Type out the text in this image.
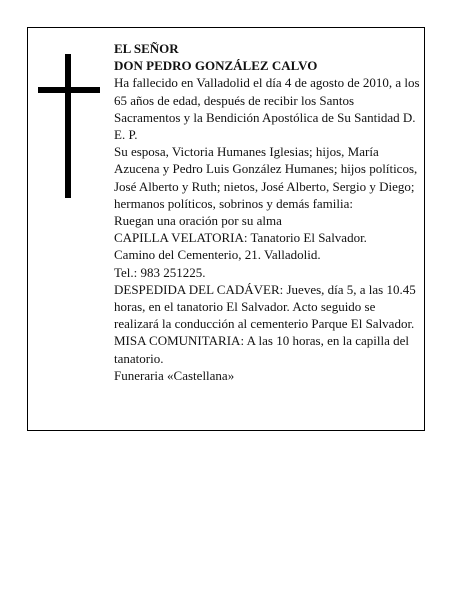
EL SEÑOR

DON PEDRO GONZÁLEZ CALVO

Ha fallecido en Valladolid el día 4 de agosto de 2010, a los 65 años de edad, después de recibir los Santos Sacramentos y la Bendición Apostólica de Su Santidad D. E. P.

Su esposa, Victoria Humanes Iglesias; hijos, María Azucena y Pedro Luis González Humanes; hijos políticos, José Alberto y Ruth; nietos, José Alberto, Sergio y Diego; hermanos políticos, sobrinos y demás familia:

Ruegan una oración por su alma

CAPILLA VELATORIA: Tanatorio El Salvador.

Camino del Cementerio, 21. Valladolid.

Tel.: 983 251225.

DESPEDIDA DEL CADÁVER: Jueves, día 5, a las 10.45 horas, en el tanatorio El Salvador. Acto seguido se realizará la conducción al cementerio Parque El Salvador.

MISA COMUNITARIA: A las 10 horas, en la capilla del tanatorio.

Funeraria «Castellana»
